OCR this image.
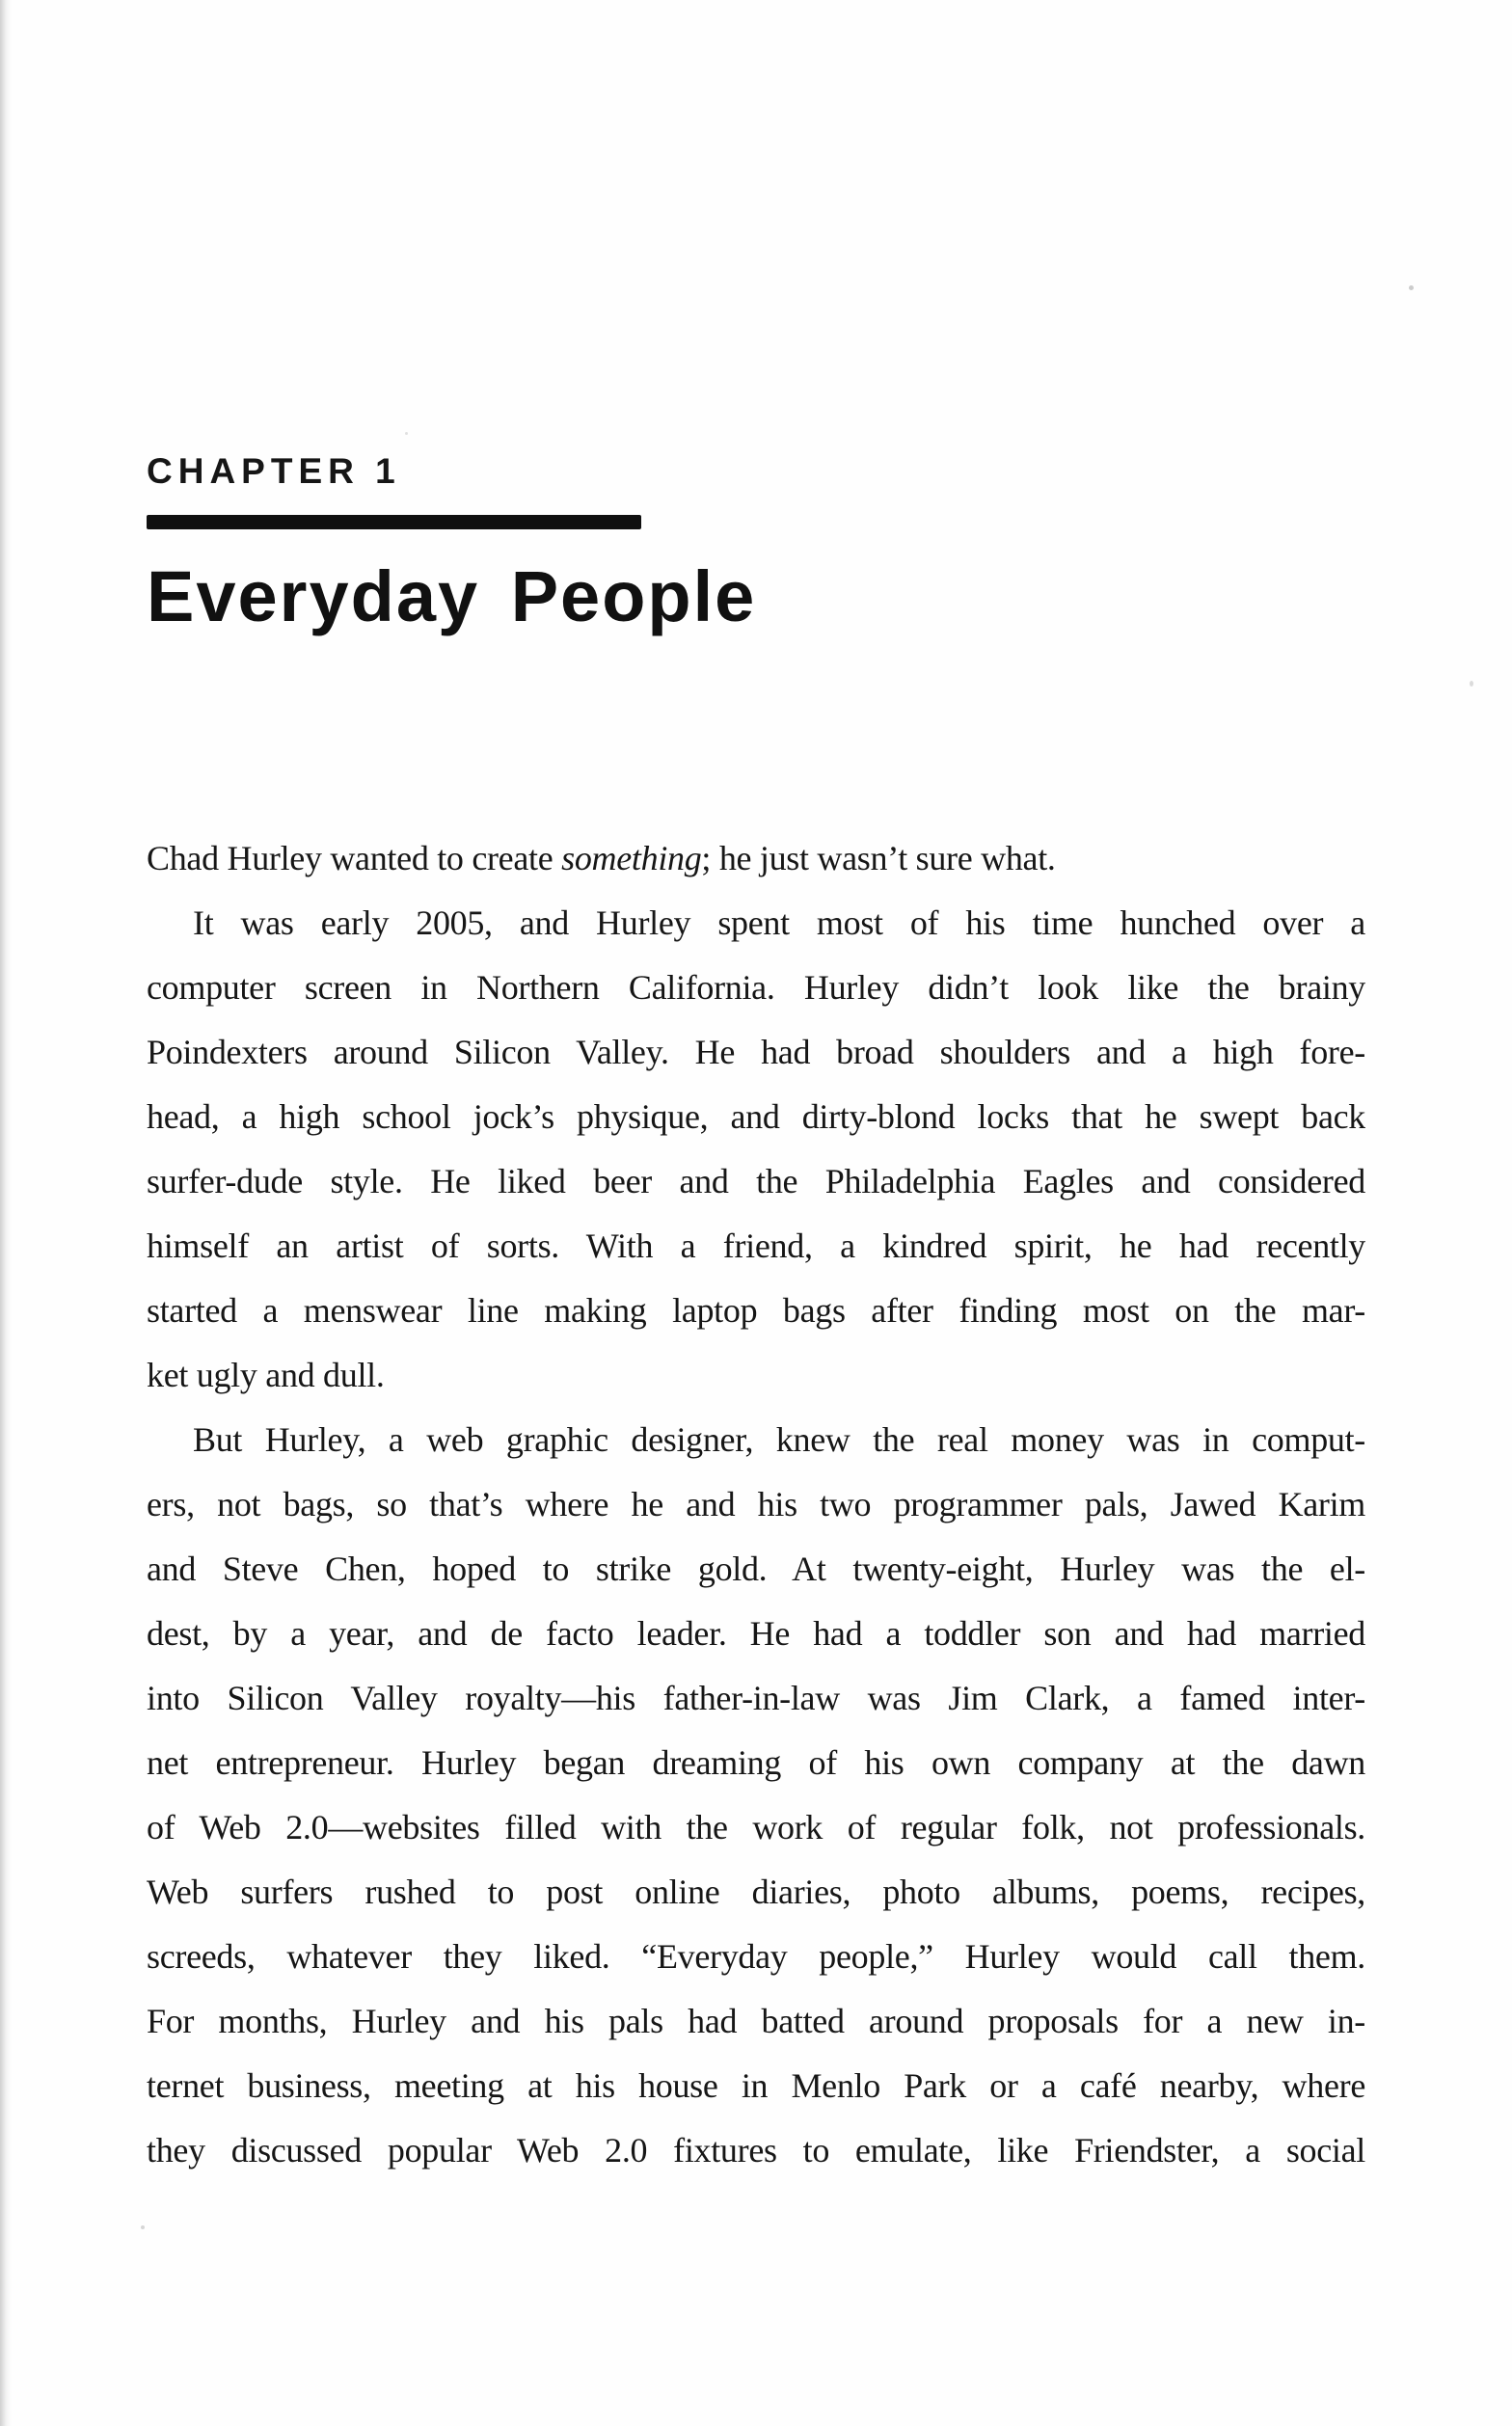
CHAPTER 1
Everyday People

Chad Hurley wanted to create something; he just wasn’t sure what.

It was early 2005, and Hurley spent most of his time hunched over a

computer screen in Northern California. Hurley didn’t look like the brainy

Poindexters around Silicon Valley. He had broad shoulders and a high fore-

head, a high school jock’s physique, and dirty-blond locks that he swept back

surfer-dude style. He liked beer and the Philadelphia Eagles and considered

himself an artist of sorts. With a friend, a kindred spirit, he had recently

started a menswear line making laptop bags after finding most on the mar-

ket ugly and dull.

But Hurley, a web graphic designer, knew the real money was in comput-

ers, not bags, so that’s where he and his two programmer pals, Jawed Karim

and Steve Chen, hoped to strike gold. At twenty-eight, Hurley was the el-

dest, by a year, and de facto leader. He had a toddler son and had married

into Silicon Valley royalty—his father-in-law was Jim Clark, a famed inter-

net entrepreneur. Hurley began dreaming of his own company at the dawn

of Web 2.0—websites filled with the work of regular folk, not professionals.

Web surfers rushed to post online diaries, photo albums, poems, recipes,

screeds, whatever they liked. “Everyday people,” Hurley would call them.

For months, Hurley and his pals had batted around proposals for a new in-

ternet business, meeting at his house in Menlo Park or a café nearby, where

they discussed popular Web 2.0 fixtures to emulate, like Friendster, a social
